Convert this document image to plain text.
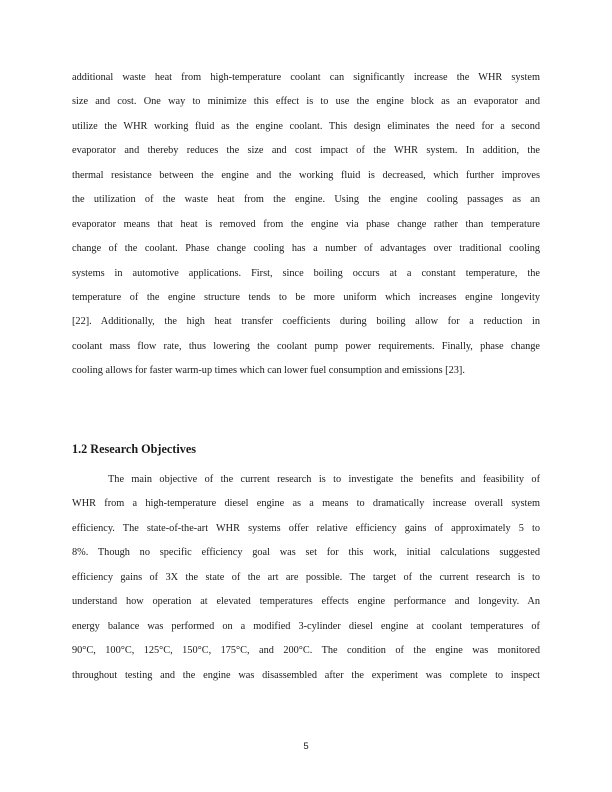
additional waste heat from high-temperature coolant can significantly increase the WHR system
size and cost. One way to minimize this effect is to use the engine block as an evaporator and
utilize the WHR working fluid as the engine coolant. This design eliminates the need for a second
evaporator and thereby reduces the size and cost impact of the WHR system. In addition, the
thermal resistance between the engine and the working fluid is decreased, which further improves
the utilization of the waste heat from the engine. Using the engine cooling passages as an
evaporator means that heat is removed from the engine via phase change rather than temperature
change of the coolant. Phase change cooling has a number of advantages over traditional cooling
systems in automotive applications. First, since boiling occurs at a constant temperature, the
temperature of the engine structure tends to be more uniform which increases engine longevity
[22]. Additionally, the high heat transfer coefficients during boiling allow for a reduction in
coolant mass flow rate, thus lowering the coolant pump power requirements. Finally, phase change
cooling allows for faster warm-up times which can lower fuel consumption and emissions [23].
1.2 Research Objectives
The main objective of the current research is to investigate the benefits and feasibility of
WHR from a high-temperature diesel engine as a means to dramatically increase overall system
efficiency. The state-of-the-art WHR systems offer relative efficiency gains of approximately 5 to
8%. Though no specific efficiency goal was set for this work, initial calculations suggested
efficiency gains of 3X the state of the art are possible. The target of the current research is to
understand how operation at elevated temperatures effects engine performance and longevity. An
energy balance was performed on a modified 3-cylinder diesel engine at coolant temperatures of
90°C, 100°C, 125°C, 150°C, 175°C, and 200°C. The condition of the engine was monitored
throughout testing and the engine was disassembled after the experiment was complete to inspect
5
